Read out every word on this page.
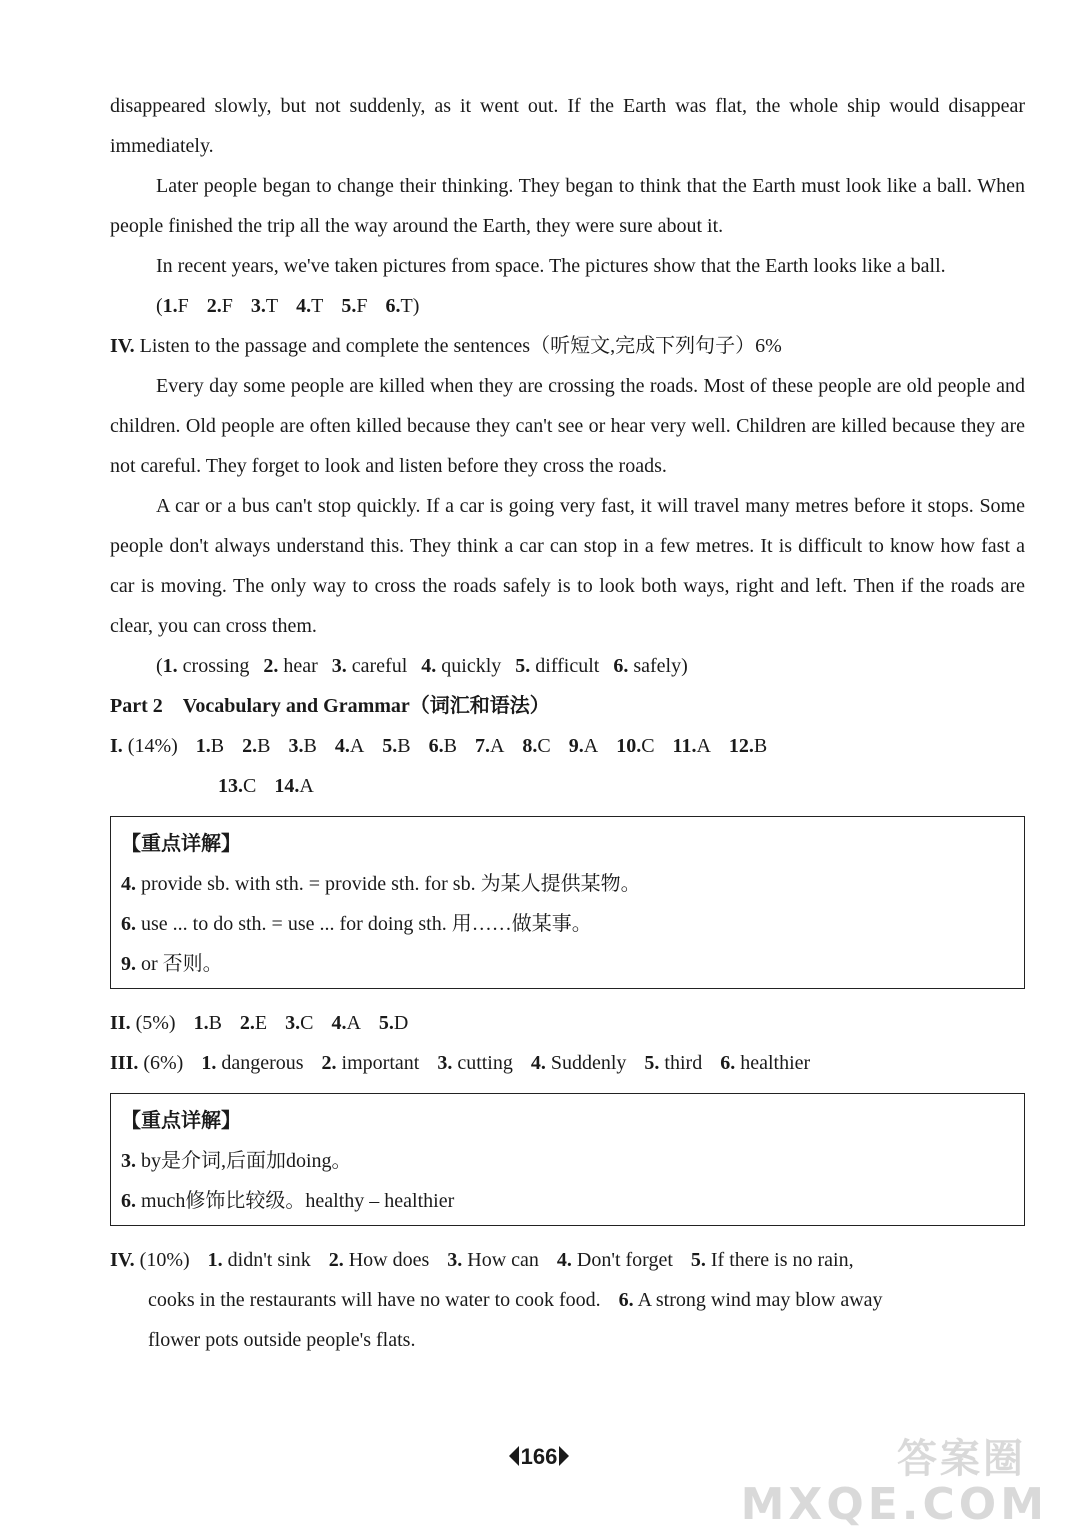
disappeared slowly, but not suddenly, as it went out. If the Earth was flat, the whole ship would disappear immediately.

Later people began to change their thinking. They began to think that the Earth must look like a ball. When people finished the trip all the way around the Earth, they were sure about it.

In recent years, we've taken pictures from space. The pictures show that the Earth looks like a ball.

(1.F 2.F 3.T 4.T 5.F 6.T)
IV. Listen to the passage and complete the sentences（听短文,完成下列句子）6%

Every day some people are killed when they are crossing the roads. Most of these people are old people and children. Old people are often killed because they can't see or hear very well. Children are killed because they are not careful. They forget to look and listen before they cross the roads.

A car or a bus can't stop quickly. If a car is going very fast, it will travel many metres before it stops. Some people don't always understand this. They think a car can stop in a few metres. It is difficult to know how fast a car is moving. The only way to cross the roads safely is to look both ways, right and left. Then if the roads are clear, you can cross them.

(1. crossing 2. hear 3. careful 4. quickly 5. difficult 6. safely)
Part 2　Vocabulary and Grammar（词汇和语法）
I. (14%) 1.B 2.B 3.B 4.A 5.B 6.B 7.A 8.C 9.A 10.C 11.A 12.B
13.C 14.A
【重点详解】
4. provide sb. with sth. = provide sth. for sb. 为某人提供某物。
6. use ... to do sth. = use ... for doing sth. 用……做某事。
9. or 否则。
II. (5%) 1.B 2.E 3.C 4.A 5.D
III. (6%) 1. dangerous 2. important 3. cutting 4. Suddenly 5. third 6. healthier
【重点详解】
3. by是介词,后面加doing。
6. much修饰比较级。healthy – healthier
IV. (10%) 1. didn't sink 2. How does 3. How can 4. Don't forget 5. If there is no rain,
cooks in the restaurants will have no water to cook food. 6. A strong wind may blow away
flower pots outside people's flats.
166	答案圈
MXQE.COM
